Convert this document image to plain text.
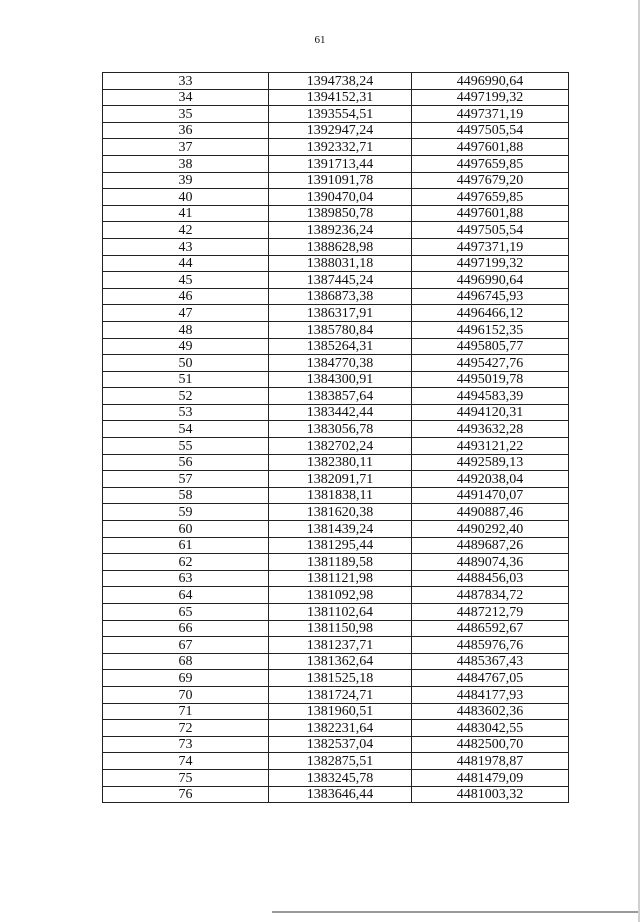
61
33	1394738,24	4496990,64
34	1394152,31	4497199,32
35	1393554,51	4497371,19
36	1392947,24	4497505,54
37	1392332,71	4497601,88
38	1391713,44	4497659,85
39	1391091,78	4497679,20
40	1390470,04	4497659,85
41	1389850,78	4497601,88
42	1389236,24	4497505,54
43	1388628,98	4497371,19
44	1388031,18	4497199,32
45	1387445,24	4496990,64
46	1386873,38	4496745,93
47	1386317,91	4496466,12
48	1385780,84	4496152,35
49	1385264,31	4495805,77
50	1384770,38	4495427,76
51	1384300,91	4495019,78
52	1383857,64	4494583,39
53	1383442,44	4494120,31
54	1383056,78	4493632,28
55	1382702,24	4493121,22
56	1382380,11	4492589,13
57	1382091,71	4492038,04
58	1381838,11	4491470,07
59	1381620,38	4490887,46
60	1381439,24	4490292,40
61	1381295,44	4489687,26
62	1381189,58	4489074,36
63	1381121,98	4488456,03
64	1381092,98	4487834,72
65	1381102,64	4487212,79
66	1381150,98	4486592,67
67	1381237,71	4485976,76
68	1381362,64	4485367,43
69	1381525,18	4484767,05
70	1381724,71	4484177,93
71	1381960,51	4483602,36
72	1382231,64	4483042,55
73	1382537,04	4482500,70
74	1382875,51	4481978,87
75	1383245,78	4481479,09
76	1383646,44	4481003,32
